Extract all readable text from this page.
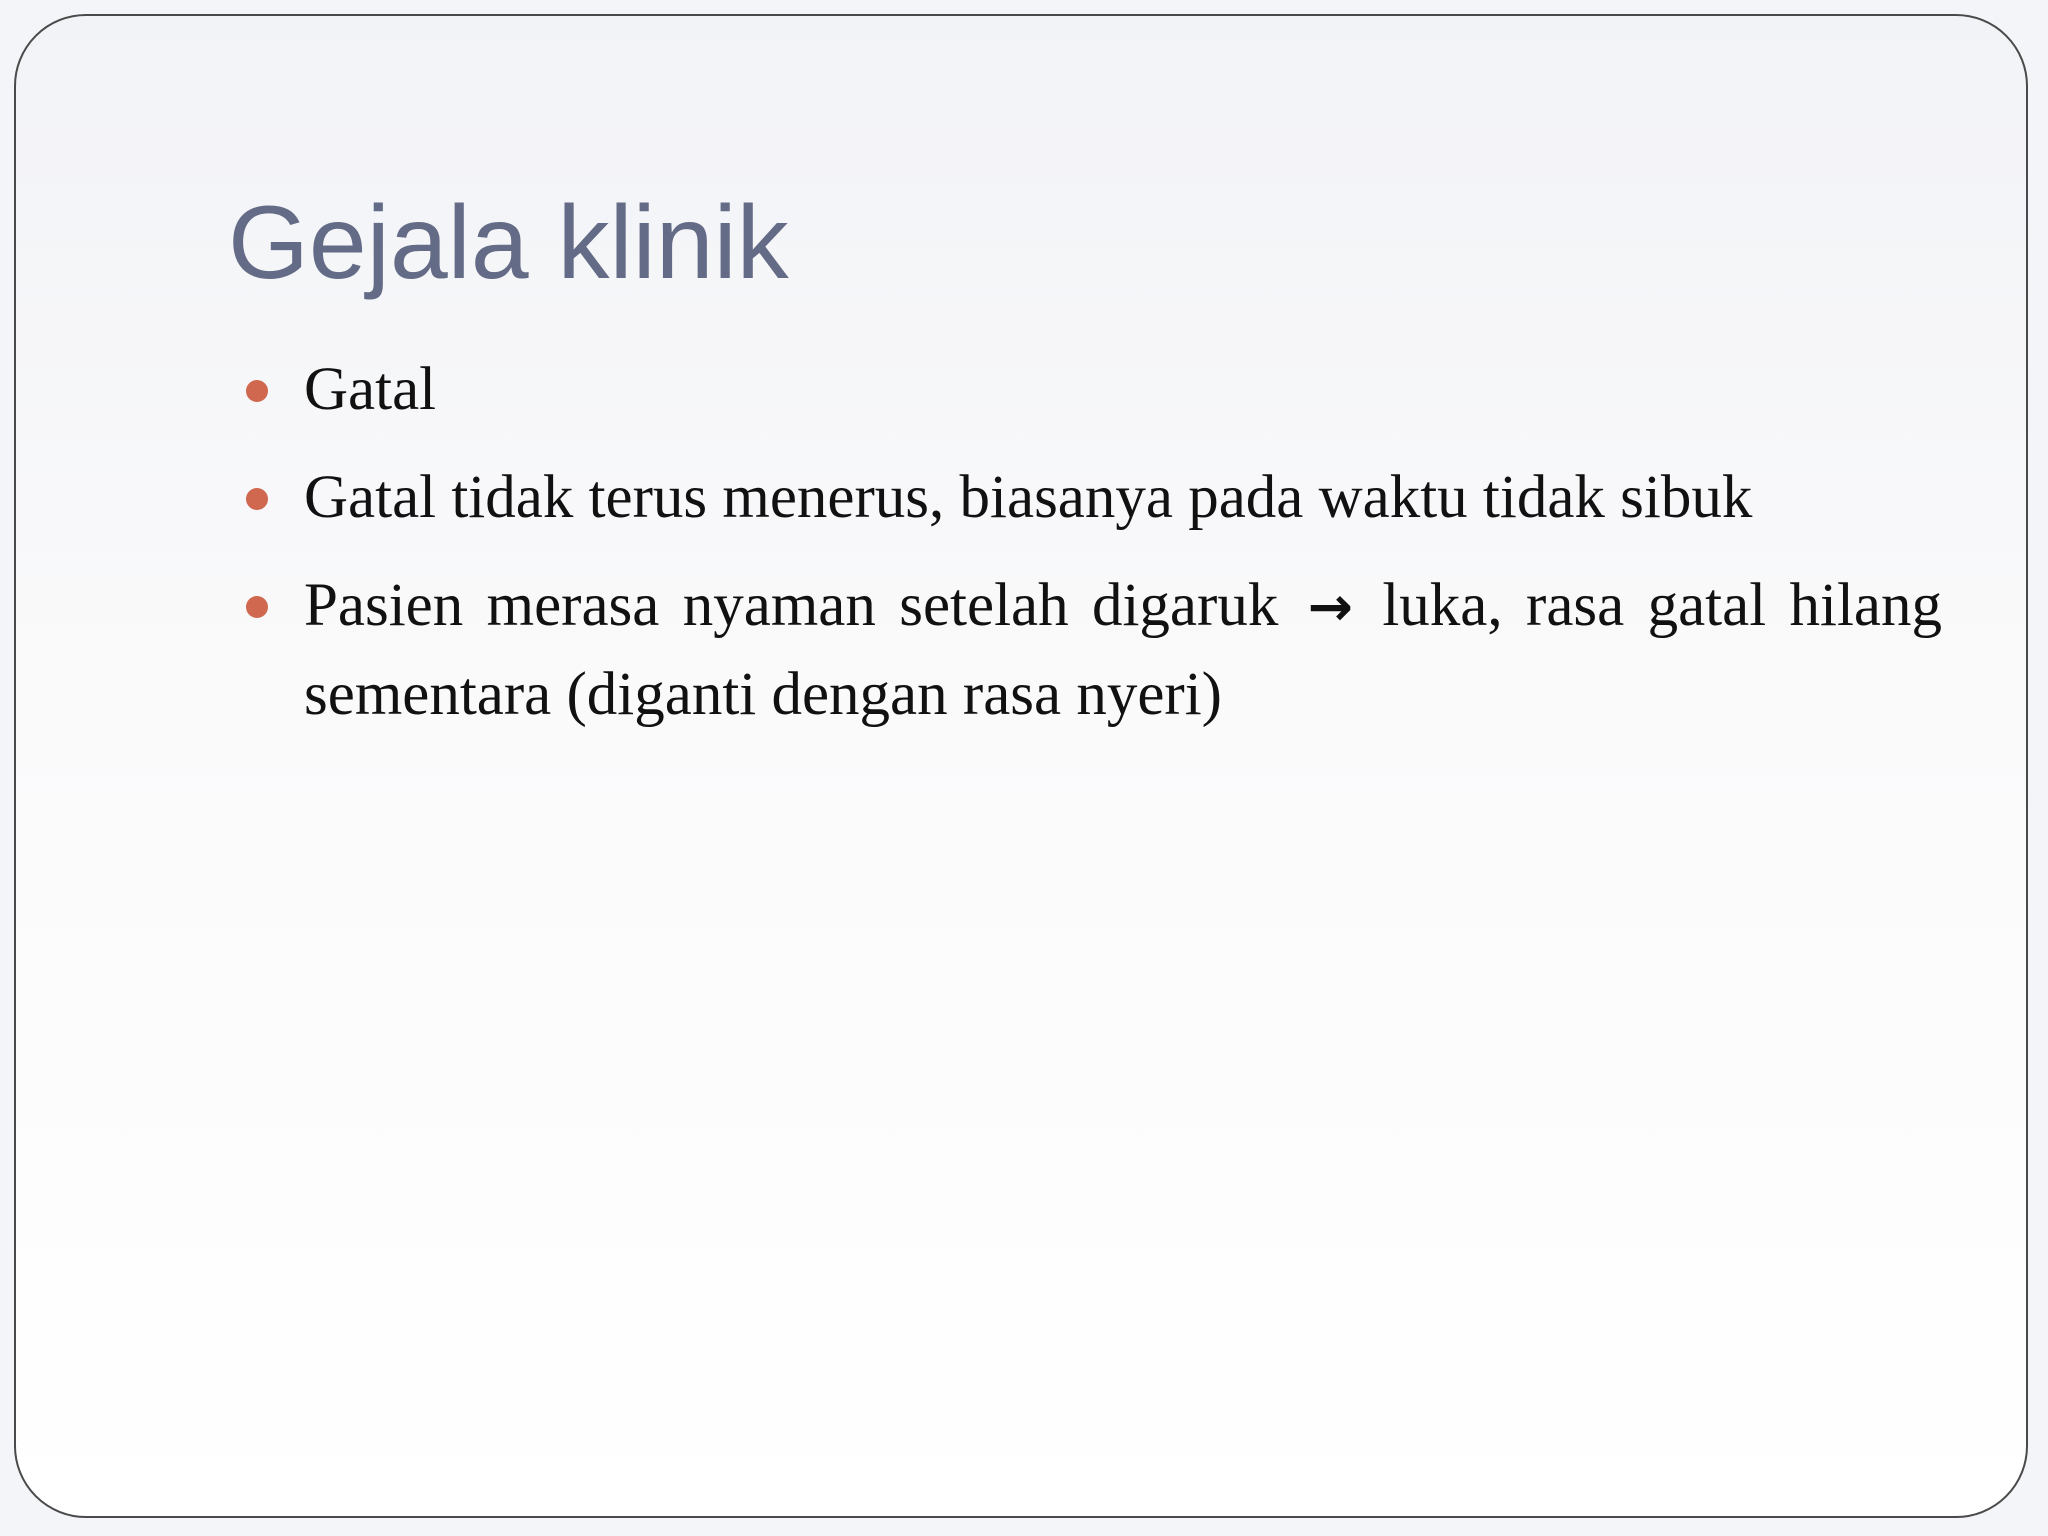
Gejala klinik
Gatal
Gatal tidak terus menerus, biasanya pada waktu tidak sibuk
Pasien merasa nyaman setelah digaruk → luka, rasa gatal hilang sementara (diganti dengan rasa nyeri)
